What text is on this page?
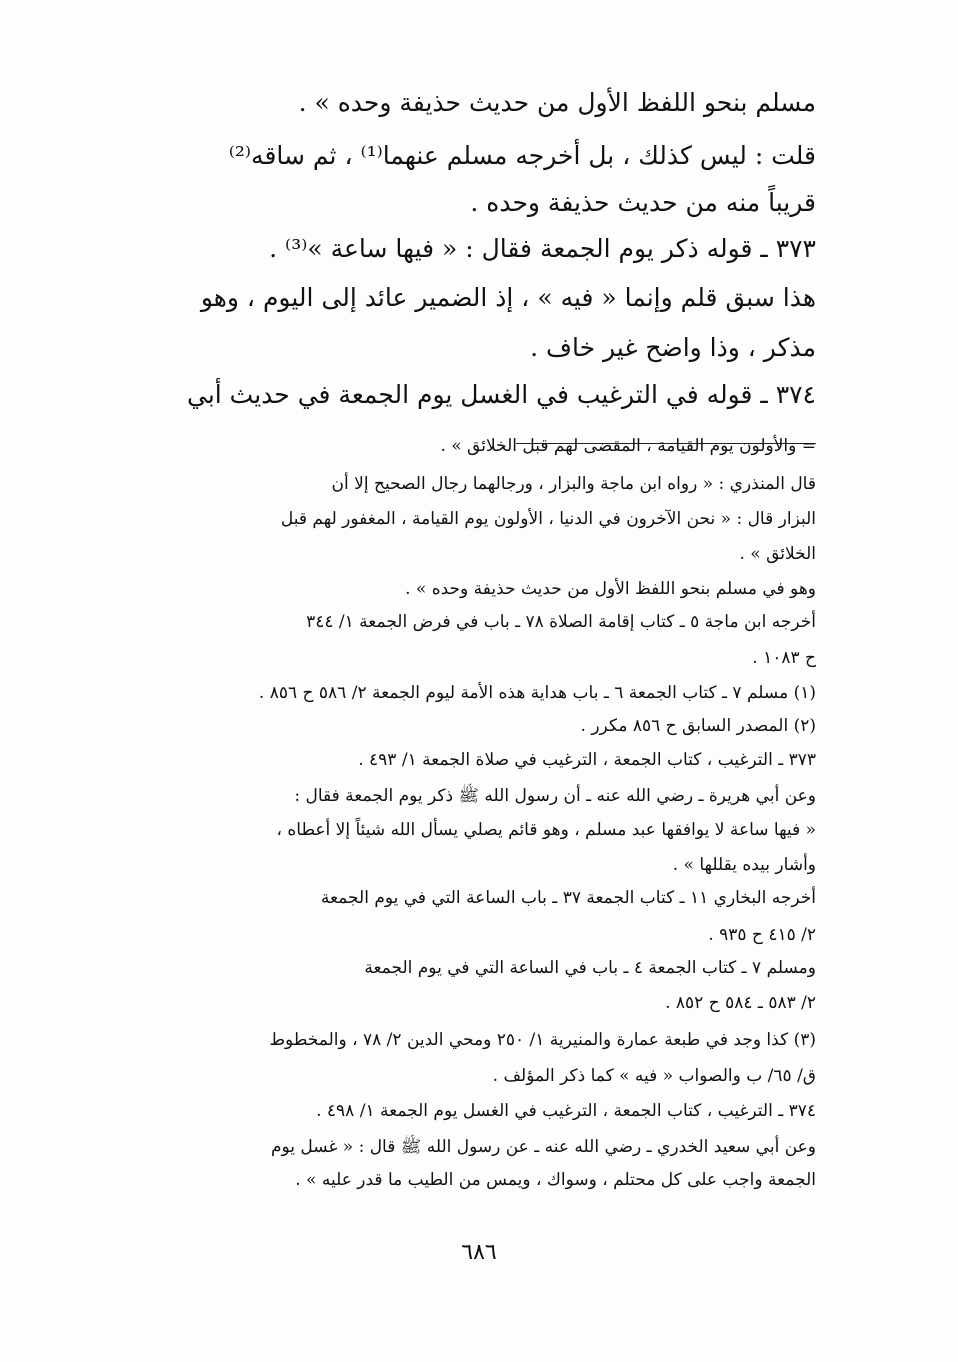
مسلم بنحو اللفظ الأول من حديث حذيفة وحده » .
قلت : ليس كذلك ، بل أخرجه مسلم عنهما⁽¹⁾ ، ثم ساقه⁽²⁾
قريباً منه من حديث حذيفة وحده .
٣٧٣ ـ قوله ذكر يوم الجمعة فقال : « فيها ساعة »⁽³⁾ .
هذا سبق قلم وإنما « فيه » ، إذ الضمير عائد إلى اليوم ، وهو
مذكر ، وذا واضح غير خاف .
٣٧٤ ـ قوله في الترغيب في الغسل يوم الجمعة في حديث أبي
= والأولون يوم القيامة ، المقضى لهم قبل الخلائق » .
قال المنذري : « رواه ابن ماجة والبزار ، ورجالهما رجال الصحيح إلا أن
البزار قال : « نحن الآخرون في الدنيا ، الأولون يوم القيامة ، المغفور لهم قبل
الخلائق » .
وهو في مسلم بنحو اللفظ الأول من حديث حذيفة وحده » .
أخرجه ابن ماجة ٥ ـ كتاب إقامة الصلاة ٧٨ ـ باب في فرض الجمعة ١/ ٣٤٤
ح ١٠٨٣ .
(١) مسلم ٧ ـ كتاب الجمعة ٦ ـ باب هداية هذه الأمة ليوم الجمعة ٢/ ٥٨٦ ح ٨٥٦ .
(٢) المصدر السابق ح ٨٥٦ مكرر .
٣٧٣ ـ الترغيب ، كتاب الجمعة ، الترغيب في صلاة الجمعة ١/ ٤٩٣ .
وعن أبي هريرة ـ رضي الله عنه ـ أن رسول الله ﷺ ذكر يوم الجمعة فقال :
« فيها ساعة لا يوافقها عبد مسلم ، وهو قائم يصلي يسأل الله شيئاً إلا أعطاه ،
وأشار بيده يقللها » .
أخرجه البخاري ١١ ـ كتاب الجمعة ٣٧ ـ باب الساعة التي في يوم الجمعة
٢/ ٤١٥ ح ٩٣٥ .
ومسلم ٧ ـ كتاب الجمعة ٤ ـ باب في الساعة التي في يوم الجمعة
٢/ ٥٨٣ ـ ٥٨٤ ح ٨٥٢ .
(٣) كذا وجد في طبعة عمارة والمنيرية ١/ ٢٥٠ ومحي الدين ٢/ ٧٨ ، والمخطوط
ق/ ٦٥/ ب والصواب « فيه » كما ذكر المؤلف .
٣٧٤ ـ الترغيب ، كتاب الجمعة ، الترغيب في الغسل يوم الجمعة ١/ ٤٩٨ .
وعن أبي سعيد الخدري ـ رضي الله عنه ـ عن رسول الله ﷺ قال : « غسل يوم
الجمعة واجب على كل محتلم ، وسواك ، ويمس من الطيب ما قدر عليه » .
٦٨٦
